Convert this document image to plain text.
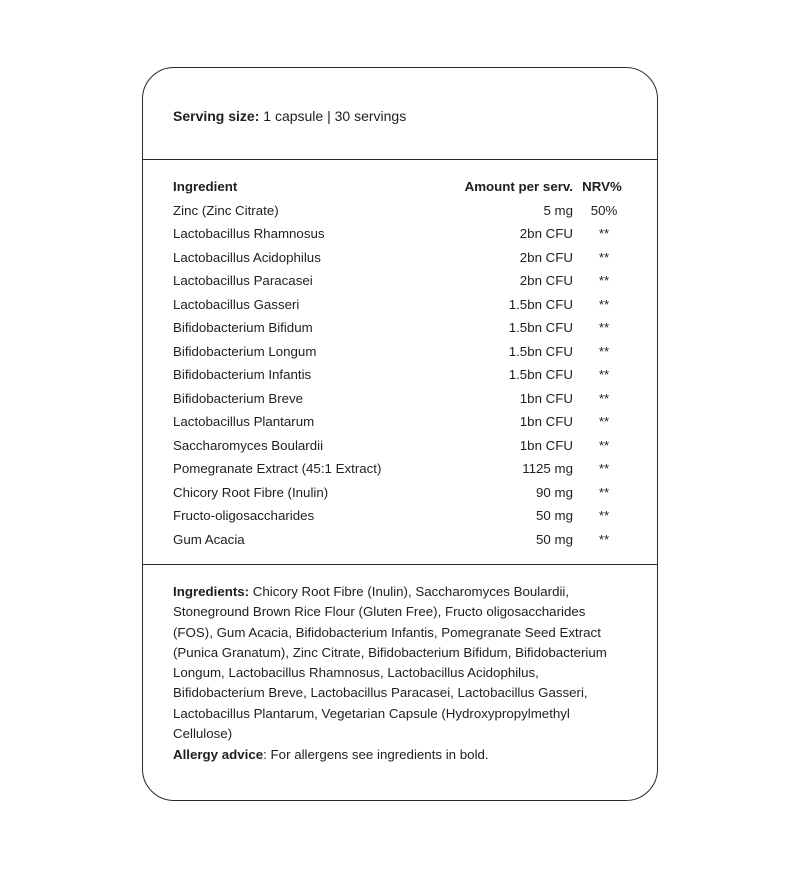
Serving size: 1 capsule | 30 servings
Ingredient	Amount per serv. NRV%
Zinc (Zinc Citrate)	5 mg 50%
Lactobacillus Rhamnosus	2bn CFU	**
Lactobacillus Acidophilus	2bn CFU	**
Lactobacillus Paracasei	2bn CFU	**
Lactobacillus Gasseri	1.5bn CFU	**
Bifidobacterium Bifidum	1.5bn CFU	**
Bifidobacterium Longum	1.5bn CFU	**
Bifidobacterium Infantis	1.5bn CFU	**
Bifidobacterium Breve	1bn CFU	**
Lactobacillus Plantarum	1bn CFU	**
Saccharomyces Boulardii	1bn CFU	**
Pomegranate Extract (45:1 Extract)	1125 mg	**
Chicory Root Fibre (Inulin)	90 mg	**
Fructo-oligosaccharides	50 mg	**
Gum Acacia	50 mg	**
Ingredients: Chicory Root Fibre (Inulin), Saccharomyces Boulardii,
Stoneground Brown Rice Flour (Gluten Free), Fructo oligosaccharides
(FOS), Gum Acacia, Bifidobacterium Infantis, Pomegranate Seed Extract
(Punica Granatum), Zinc Citrate, Bifidobacterium Bifidum, Bifidobacterium
Longum, Lactobacillus Rhamnosus, Lactobacillus Acidophilus,
Bifidobacterium Breve, Lactobacillus Paracasei, Lactobacillus Gasseri,
Lactobacillus Plantarum, Vegetarian Capsule (Hydroxypropylmethyl
Cellulose)
Allergy advice: For allergens see ingredients in bold.
